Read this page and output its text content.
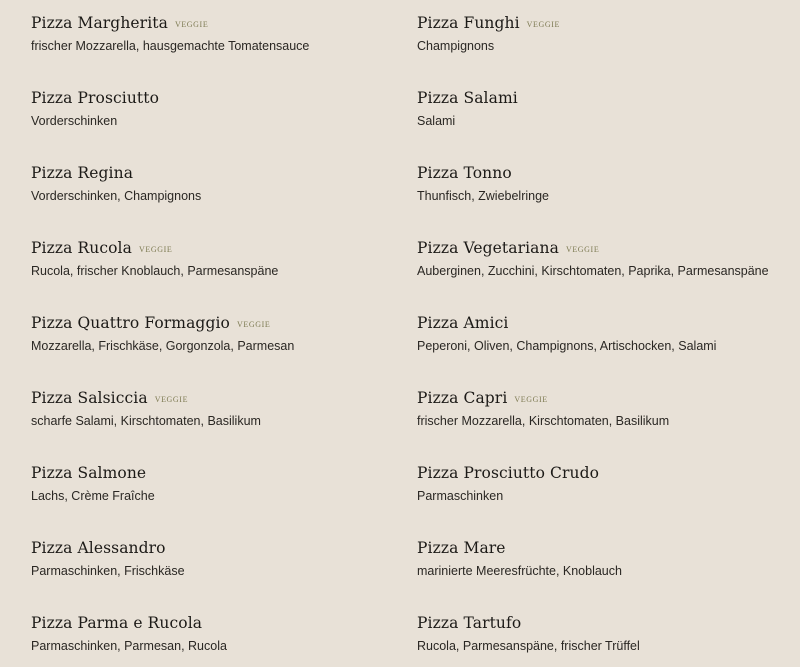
Pizza Margherita VEGGIE
frischer Mozzarella, hausgemachte Tomatensauce
Pizza Prosciutto
Vorderschinken
Pizza Regina
Vorderschinken, Champignons
Pizza Rucola VEGGIE
Rucola, frischer Knoblauch, Parmesanspäne
Pizza Quattro Formaggio VEGGIE
Mozzarella, Frischkäse, Gorgonzola, Parmesan
Pizza Salsiccia VEGGIE
scharfe Salami, Kirschtomaten, Basilikum
Pizza Salmone
Lachs, Crème Fraîche
Pizza Alessandro
Parmaschinken, Frischkäse
Pizza Parma e Rucola
Parmaschinken, Parmesan, Rucola
Pizza Funghi VEGGIE
Champignons
Pizza Salami
Salami
Pizza Tonno
Thunfisch, Zwiebelringe
Pizza Vegetariana VEGGIE
Auberginen, Zucchini, Kirschtomaten, Paprika, Parmesanspäne
Pizza Amici
Peperoni, Oliven, Champignons, Artischocken, Salami
Pizza Capri VEGGIE
frischer Mozzarella, Kirschtomaten, Basilikum
Pizza Prosciutto Crudo
Parmaschinken
Pizza Mare
marinierte Meeresfrüchte, Knoblauch
Pizza Tartufo
Rucola, Parmesanspäne, frischer Trüffel
